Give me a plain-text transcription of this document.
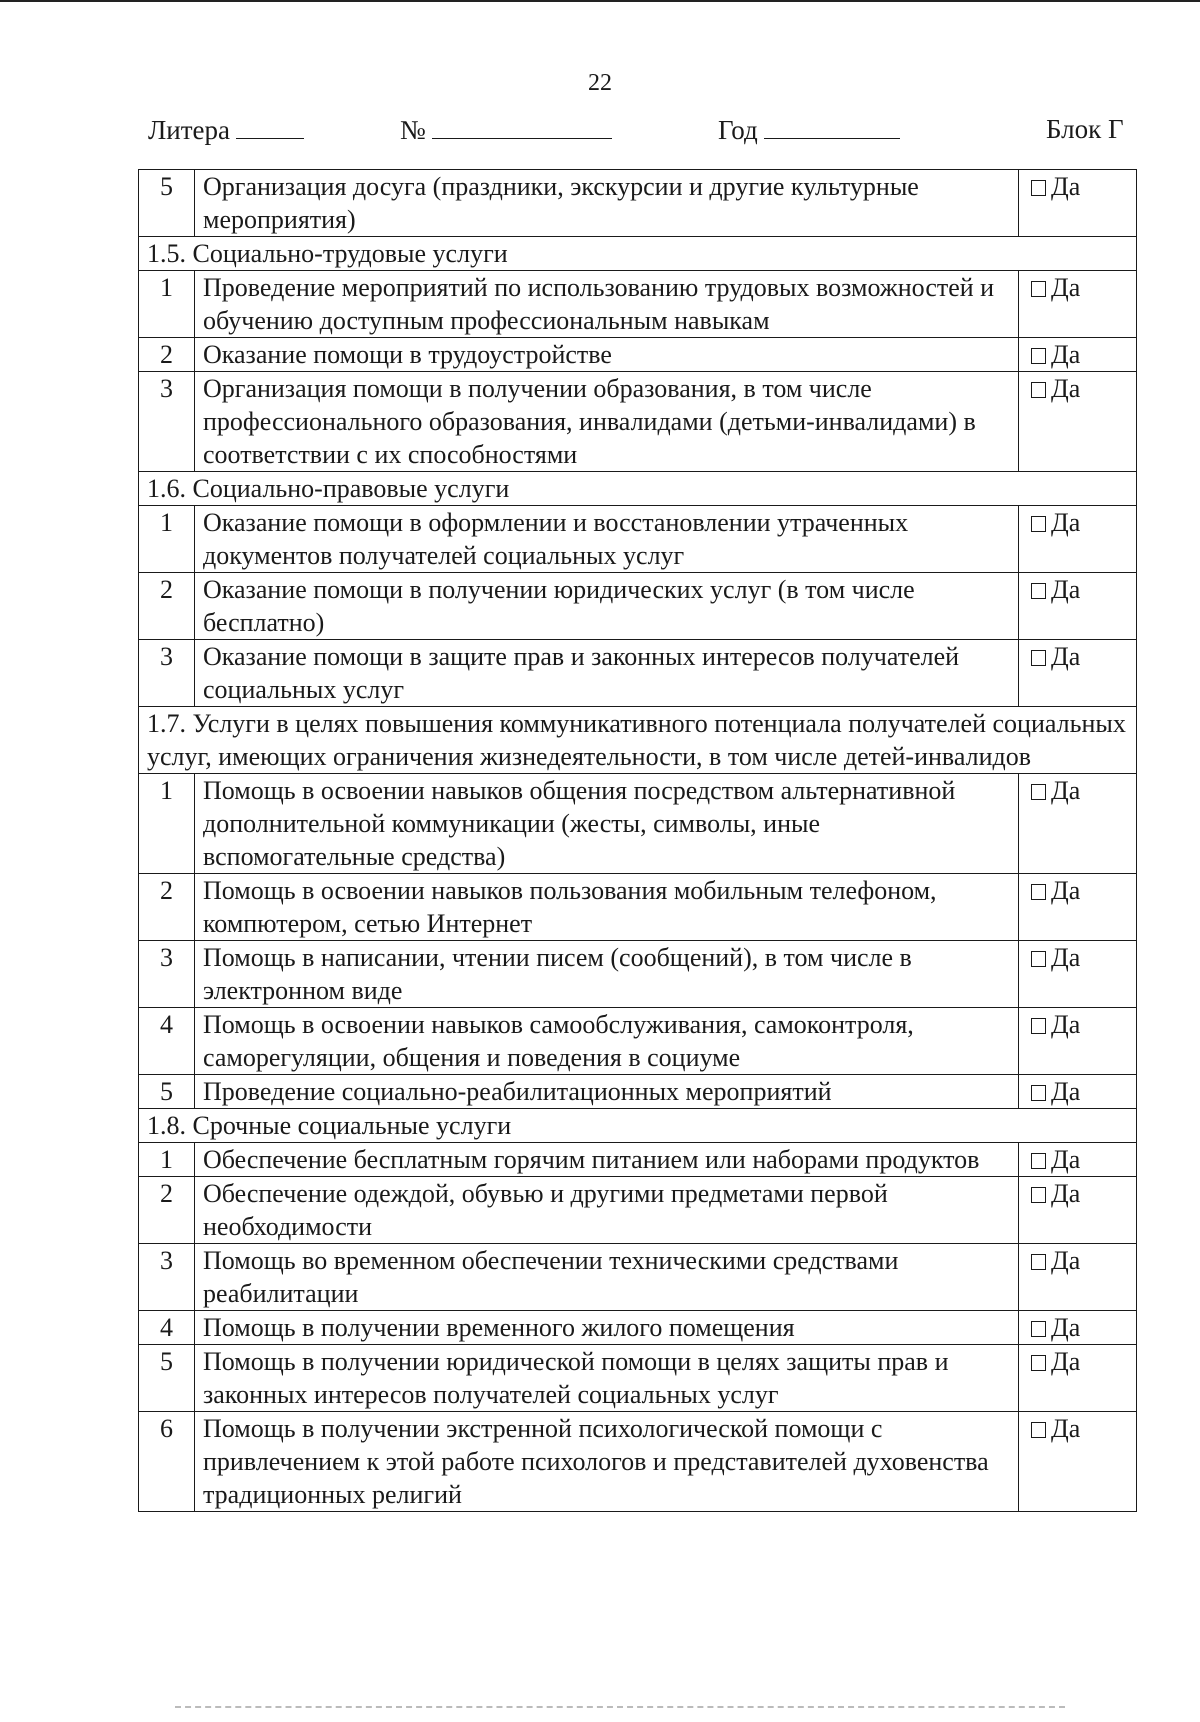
22
Литера	№	Год	Блок Г
5	Организация досуга (праздники, экскурсии и другие культурные мероприятия)	Да
1.5. Социально-трудовые услуги		
1	Проведение мероприятий по использованию трудовых возможностей и обучению доступным профессиональным навыкам	Да
2	Оказание помощи в трудоустройстве	Да
3	Организация помощи в получении образования, в том числе профессионального образования, инвалидами (детьми-инвалидами) в соответствии с их способностями	Да
1.6. Социально-правовые услуги		
1	Оказание помощи в оформлении и восстановлении утраченных документов получателей социальных услуг	Да
2	Оказание помощи в получении юридических услуг (в том числе бесплатно)	Да
3	Оказание помощи в защите прав и законных интересов получателей социальных услуг	Да
1.7. Услуги в целях повышения коммуникативного потенциала получателей социальных услуг, имеющих ограничения жизнедеятельности, в том числе детей-инвалидов		
1	Помощь в освоении навыков общения посредством альтернативной дополнительной коммуникации (жесты, символы, иные вспомогательные средства)	Да
2	Помощь в освоении навыков пользования мобильным телефоном, компютером, сетью Интернет	Да
3	Помощь в написании, чтении писем (сообщений), в том числе в электронном виде	Да
4	Помощь в освоении навыков самообслуживания, самоконтроля, саморегуляции, общения и поведения в социуме	Да
5	Проведение социально-реабилитационных мероприятий	Да
1.8. Срочные социальные услуги		
1	Обеспечение бесплатным горячим питанием или наборами продуктов	Да
2	Обеспечение одеждой, обувью и другими предметами первой необходимости	Да
3	Помощь во временном обеспечении техническими средствами реабилитации	Да
4	Помощь в получении временного жилого помещения	Да
5	Помощь в получении юридической помощи в целях защиты прав и законных интересов получателей социальных услуг	Да
6	Помощь в получении экстренной психологической помощи с привлечением к этой работе психологов и представителей духовенства традиционных религий	Да
